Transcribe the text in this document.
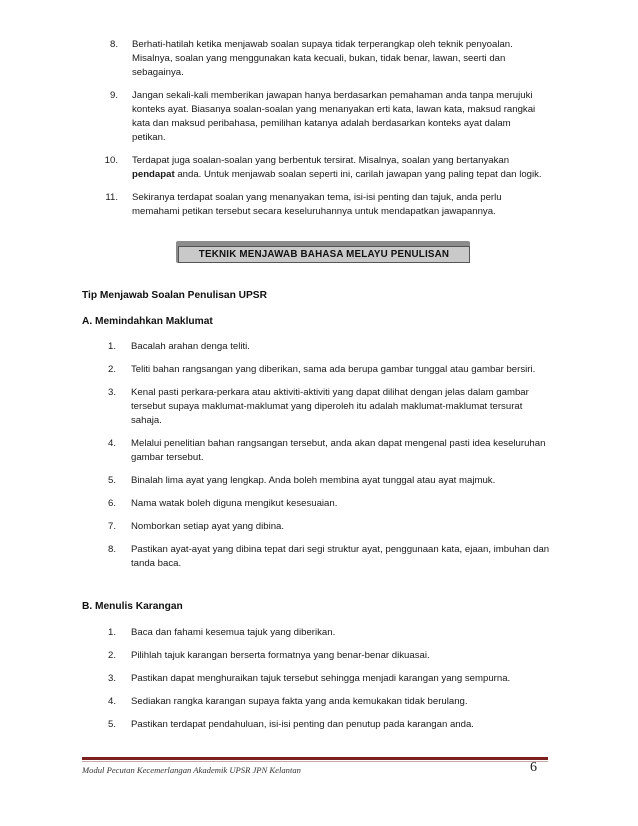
8. Berhati-hatilah ketika menjawab soalan supaya tidak terperangkap oleh teknik penyoalan. Misalnya, soalan yang menggunakan kata kecuali, bukan, tidak benar, lawan, seerti dan sebagainya.
9. Jangan sekali-kali memberikan jawapan hanya berdasarkan pemahaman anda tanpa merujuki konteks ayat. Biasanya soalan-soalan yang menanyakan erti kata, lawan kata, maksud rangkai kata dan maksud peribahasa, pemilihan katanya adalah berdasarkan konteks ayat dalam petikan.
10. Terdapat juga soalan-soalan yang berbentuk tersirat. Misalnya, soalan yang bertanyakan pendapat anda. Untuk menjawab soalan seperti ini, carilah jawapan yang paling tepat dan logik.
11. Sekiranya terdapat soalan yang menanyakan tema, isi-isi penting dan tajuk, anda perlu memahami petikan tersebut secara keseluruhannya untuk mendapatkan jawapannya.
TEKNIK MENJAWAB BAHASA MELAYU PENULISAN
Tip Menjawab Soalan Penulisan UPSR
A. Memindahkan Maklumat
1. Bacalah arahan denga teliti.
2. Teliti bahan rangsangan yang diberikan, sama ada berupa gambar tunggal atau gambar bersiri.
3. Kenal pasti perkara-perkara atau aktiviti-aktiviti yang dapat dilihat dengan jelas dalam gambar tersebut supaya maklumat-maklumat yang diperoleh itu adalah maklumat-maklumat tersurat sahaja.
4. Melalui penelitian bahan rangsangan tersebut, anda akan dapat mengenal pasti idea keseluruhan gambar tersebut.
5. Binalah lima ayat yang lengkap. Anda boleh membina ayat tunggal atau ayat majmuk.
6. Nama watak boleh diguna mengikut kesesuaian.
7. Nomborkan setiap ayat yang dibina.
8. Pastikan ayat-ayat yang dibina tepat dari segi struktur ayat, penggunaan kata, ejaan, imbuhan dan tanda baca.
B. Menulis Karangan
1. Baca dan fahami kesemua tajuk yang diberikan.
2. Pilihlah tajuk karangan berserta formatnya yang benar-benar dikuasai.
3. Pastikan dapat menghuraikan tajuk tersebut sehingga menjadi karangan yang sempurna.
4. Sediakan rangka karangan supaya fakta yang anda kemukakan tidak berulang.
5. Pastikan terdapat pendahuluan, isi-isi penting dan penutup pada karangan anda.
Modul Pecutan Kecemerlangan Akademik UPSR JPN Kelantan	6
